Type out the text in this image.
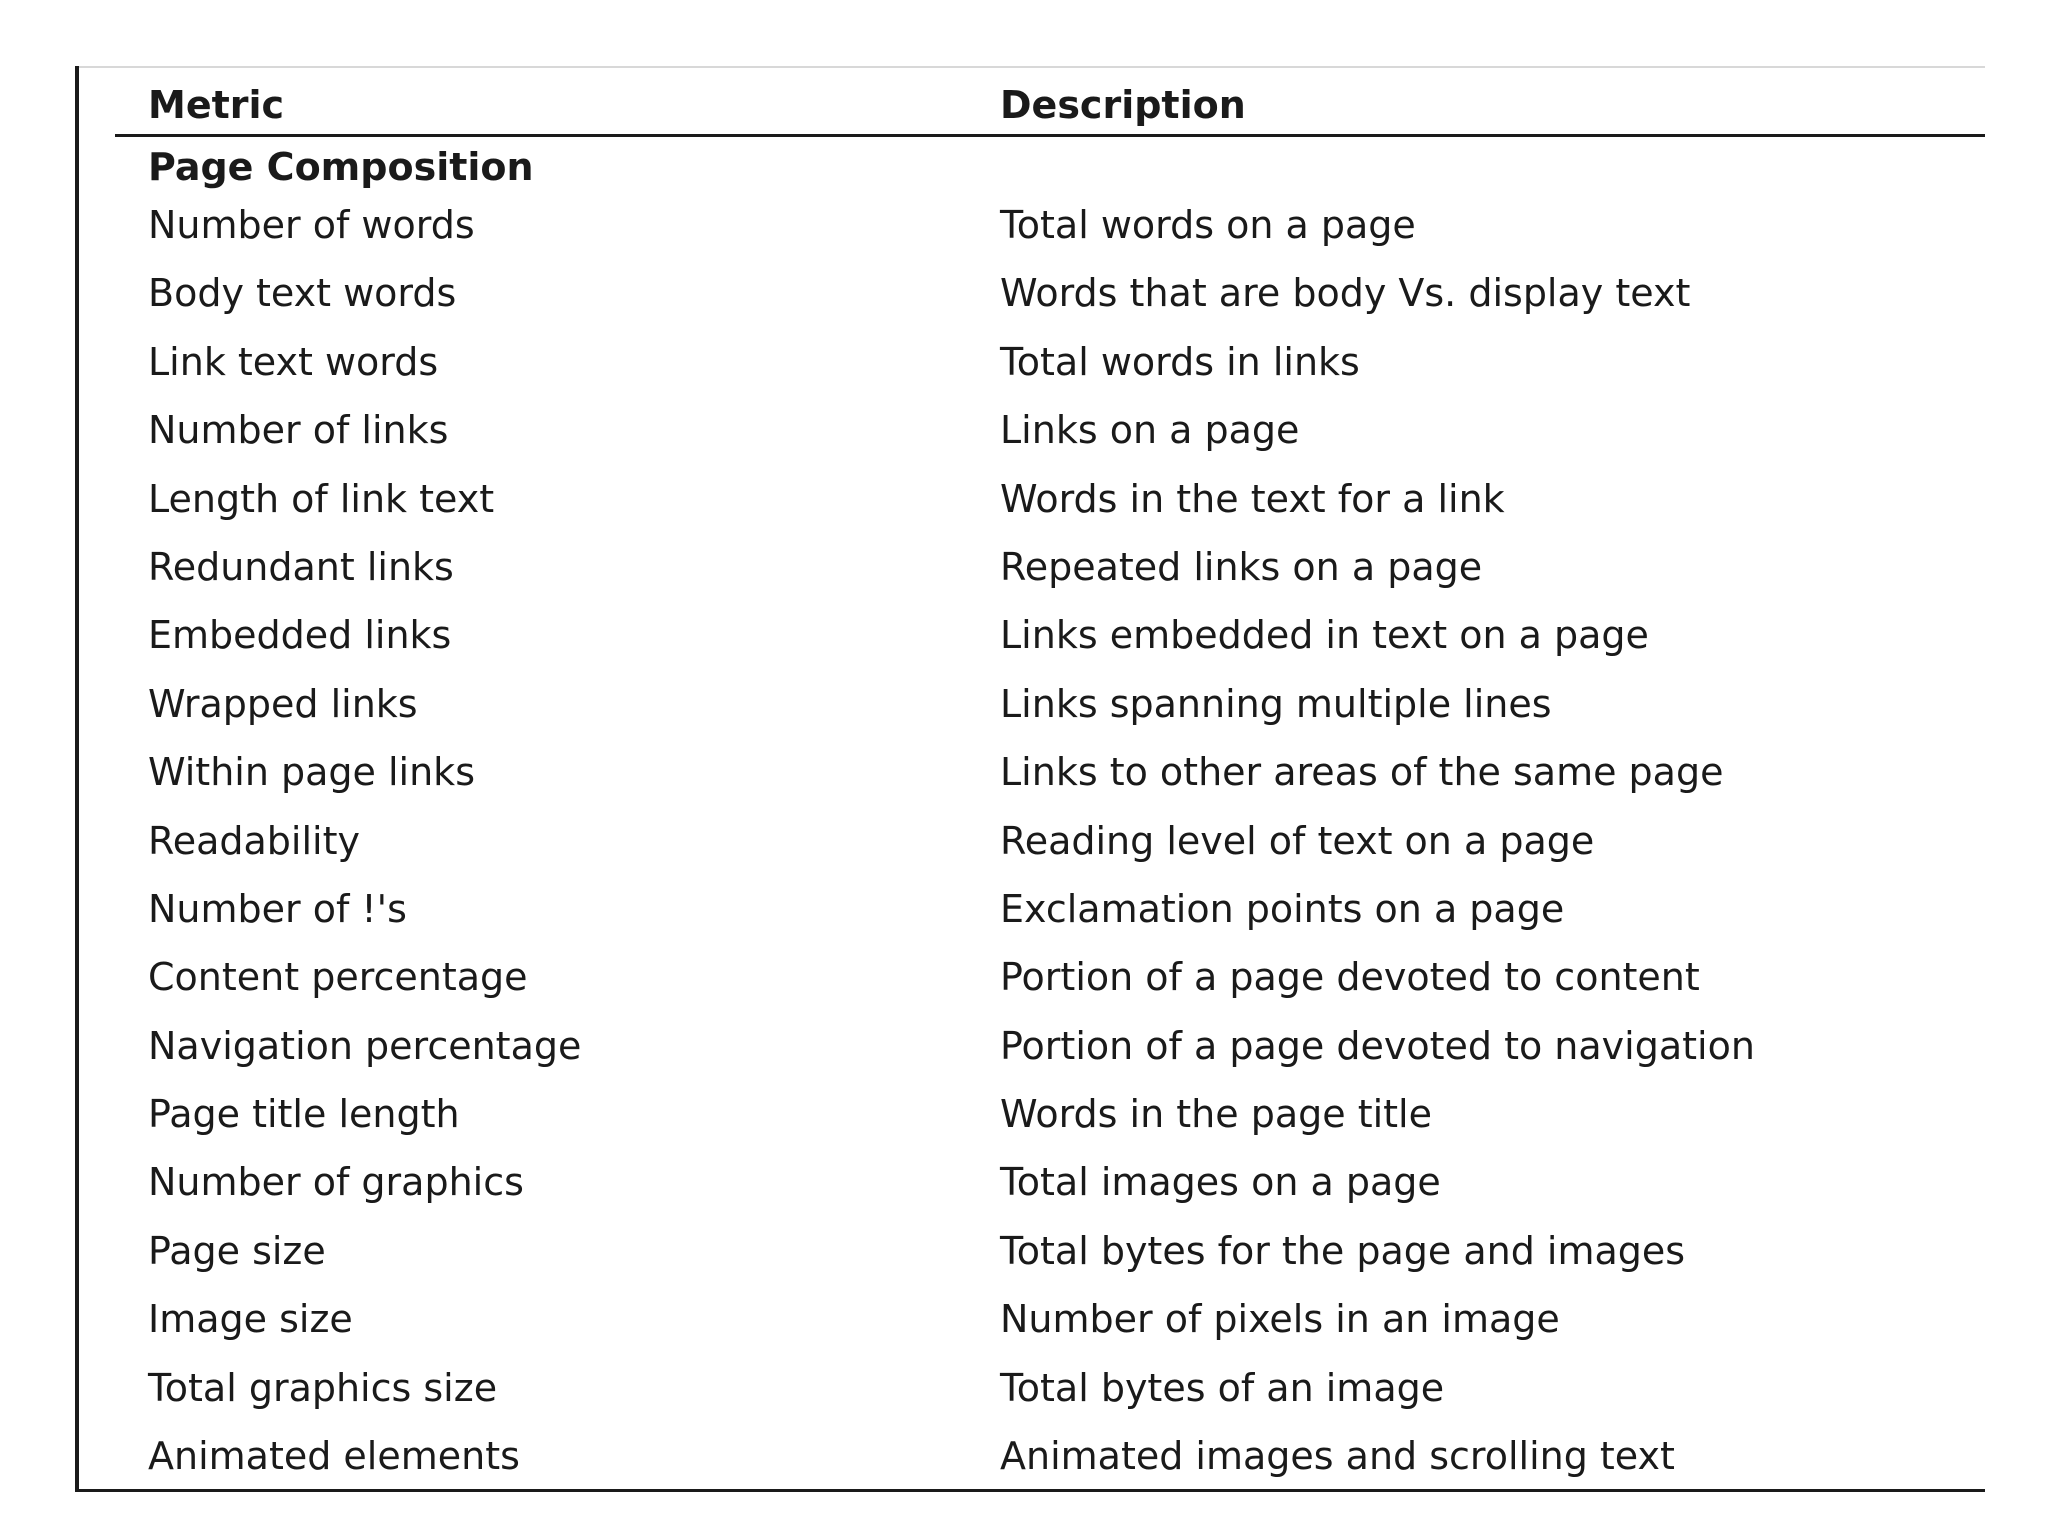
Metric	Description
Page Composition
Number of words	Total words on a page
Body text words	Words that are body Vs. display text
Link text words	Total words in links
Number of links	Links on a page
Length of link text	Words in the text for a link
Redundant links	Repeated links on a page
Embedded links	Links embedded in text on a page
Wrapped links	Links spanning multiple lines
Within page links	Links to other areas of the same page
Readability	Reading level of text on a page
Number of !'s	Exclamation points on a page
Content percentage	Portion of a page devoted to content
Navigation percentage	Portion of a page devoted to navigation
Page title length	Words in the page title
Number of graphics	Total images on a page
Page size	Total bytes for the page and images
Image size	Number of pixels in an image
Total graphics size	Total bytes of an image
Animated elements	Animated images and scrolling text
